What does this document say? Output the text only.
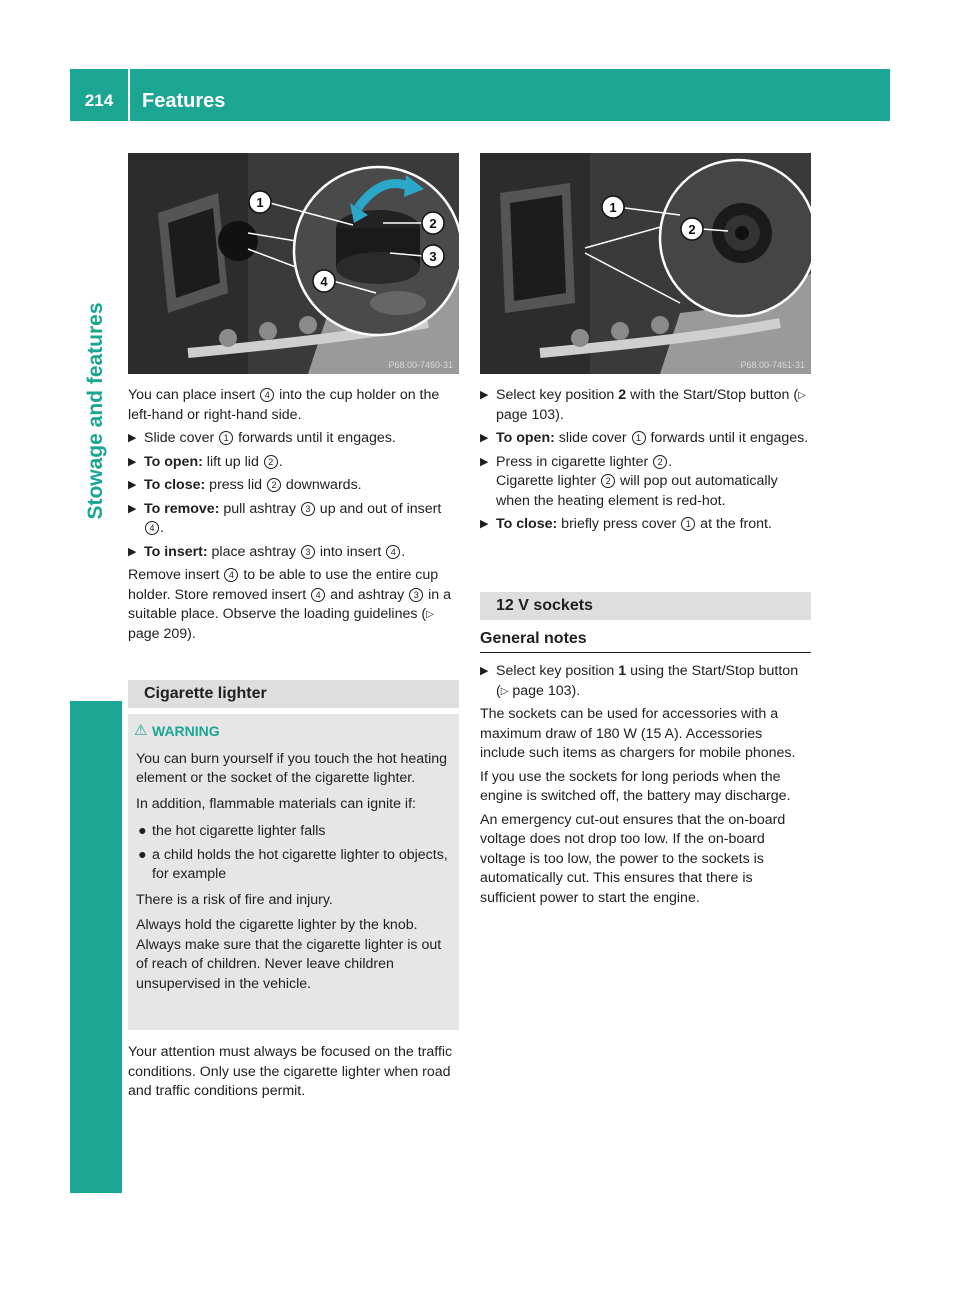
214	Features
Stowage and features
1
2
3
4
P68.00-7460-31
1
2
P68.00-7461-31

You can place insert 4 into the cup holder on the left-hand or right-hand side.

▶ Slide cover 1 forwards until it engages.
▶ To open: lift up lid 2 .
▶ To close: press lid 2 downwards.
▶ To remove: pull ashtray 3 up and out of insert 4 .
▶ To insert: place ashtray 3 into insert 4 .

Remove insert 4 to be able to use the entire cup holder. Store removed insert 4 and ashtray 3 in a suitable place. Observe the loading guidelines (▷ page 209).

Cigarette lighter
⚠ WARNING

You can burn yourself if you touch the hot heating element or the socket of the cigarette lighter.

In addition, flammable materials can ignite if:

● the hot cigarette lighter falls
● a child holds the hot cigarette lighter to objects, for example

There is a risk of fire and injury.

Always hold the cigarette lighter by the knob. Always make sure that the cigarette lighter is out of reach of children. Never leave children unsupervised in the vehicle.

Your attention must always be focused on the traffic conditions. Only use the cigarette lighter when road and traffic conditions permit.

▶ Select key position 2 with the Start/Stop button (▷ page 103).
▶ To open: slide cover 1 forwards until it engages.
▶ Press in cigarette lighter 2 .
Cigarette lighter 2 will pop out automatically when the heating element is red-hot.
▶ To close: briefly press cover 1 at the front.
12 V sockets
General notes
▶ Select key position 1 using the Start/Stop button (▷ page 103).

The sockets can be used for accessories with a maximum draw of 180 W (15 A). Accessories include such items as chargers for mobile phones.

If you use the sockets for long periods when the engine is switched off, the battery may discharge.

An emergency cut-out ensures that the on-board voltage does not drop too low. If the on-board voltage is too low, the power to the sockets is automatically cut. This ensures that there is sufficient power to start the engine.
